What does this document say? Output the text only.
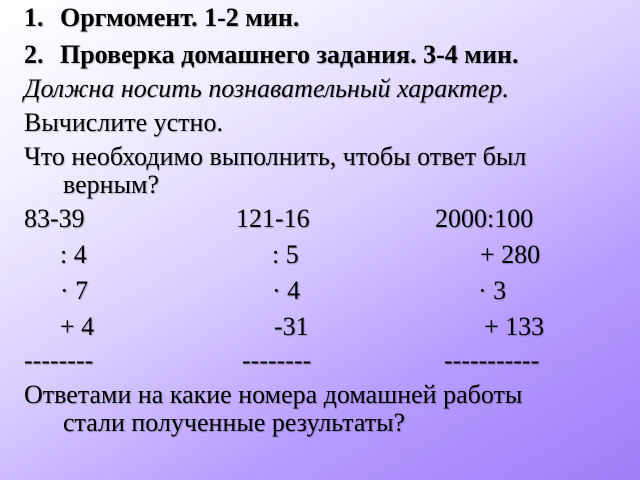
1. Оргмомент. 1-2 мин.
2. Проверка домашнего задания. 3-4 мин.
Должна носить познавательный характер.
Вычислите устно.
Что необходимо выполнить, чтобы ответ был
верным?
83-39
: 4
· 7
+ 4
--------
121-16
: 5
· 4
-31
--------
2000:100
+ 280
· 3
+ 133
-----------
Ответами на какие номера домашней работы
стали полученные результаты?
